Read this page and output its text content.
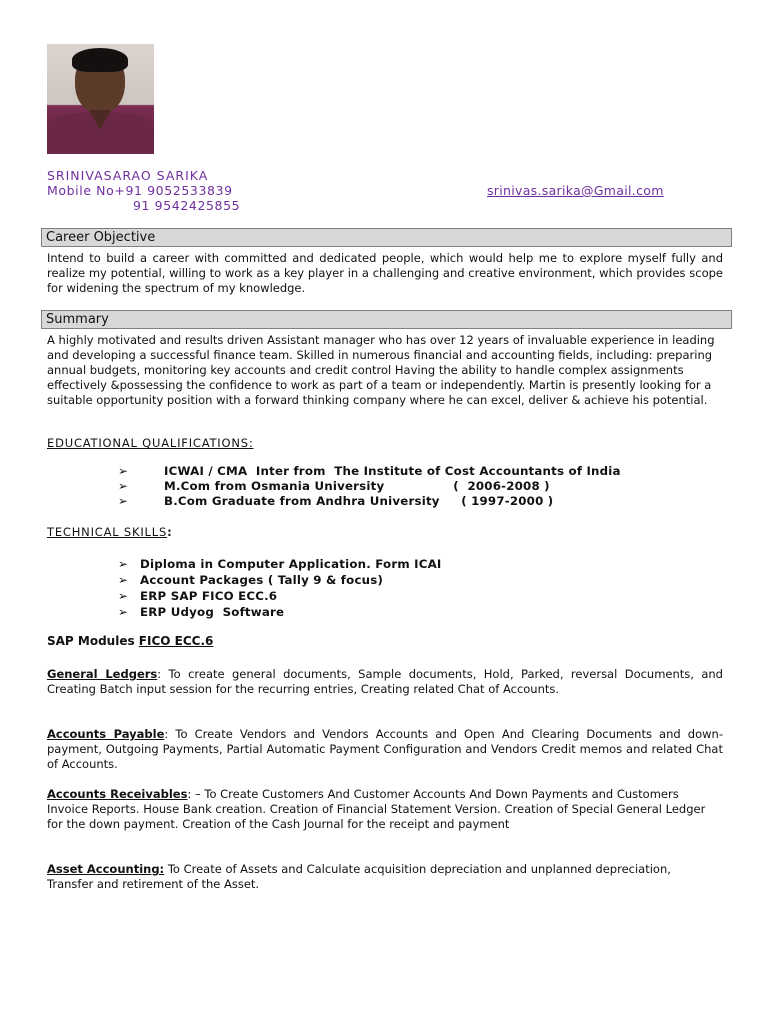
SRINIVASARAO SARIKA
Mobile No+91 9052533839
91 9542425855
srinivas.sarika@Gmail.com
Career Objective

Intend to build a career with committed and dedicated people, which would help me to explore myself fully and realize my potential, willing to work as a key player in a challenging and creative environment, which provides scope for widening the spectrum of my knowledge.

Summary

A highly motivated and results driven Assistant manager who has over 12 years of invaluable experience in leading and developing a successful finance team. Skilled in numerous financial and accounting fields, including: preparing annual budgets, monitoring key accounts and credit control Having the ability to handle complex assignments effectively &possessing the confidence to work as part of a team or independently. Martin is presently looking for a suitable opportunity position with a forward thinking company where he can excel, deliver & achieve his potential.

EDUCATIONAL QUALIFICATIONS:
➢	ICWAI / CMA  Inter from  The Institute of Cost Accountants of India
➢	M.Com from Osmania University                (  2006-2008 )
➢	B.Com Graduate from Andhra University     ( 1997-2000 )
TECHNICAL SKILLS:
➢ Diploma in Computer Application. Form ICAI
➢ Account Packages ( Tally 9 & focus)
➢ ERP SAP FICO ECC.6
➢ ERP Udyog  Software
SAP Modules FICO ECC.6

General Ledgers: To create general documents, Sample documents, Hold, Parked, reversal Documents, and Creating Batch input session for the recurring entries, Creating related Chat of Accounts.

Accounts Payable: To Create Vendors and Vendors Accounts and Open And Clearing Documents and down-payment, Outgoing Payments, Partial Automatic Payment Configuration and Vendors Credit memos and related Chat of Accounts.

Accounts Receivables: – To Create Customers And Customer Accounts And Down Payments and Customers Invoice Reports. House Bank creation. Creation of Financial Statement Version. Creation of Special General Ledger for the down payment. Creation of the Cash Journal for the receipt and payment

Asset Accounting: To Create of Assets and Calculate acquisition depreciation and unplanned depreciation, Transfer and retirement of the Asset.
